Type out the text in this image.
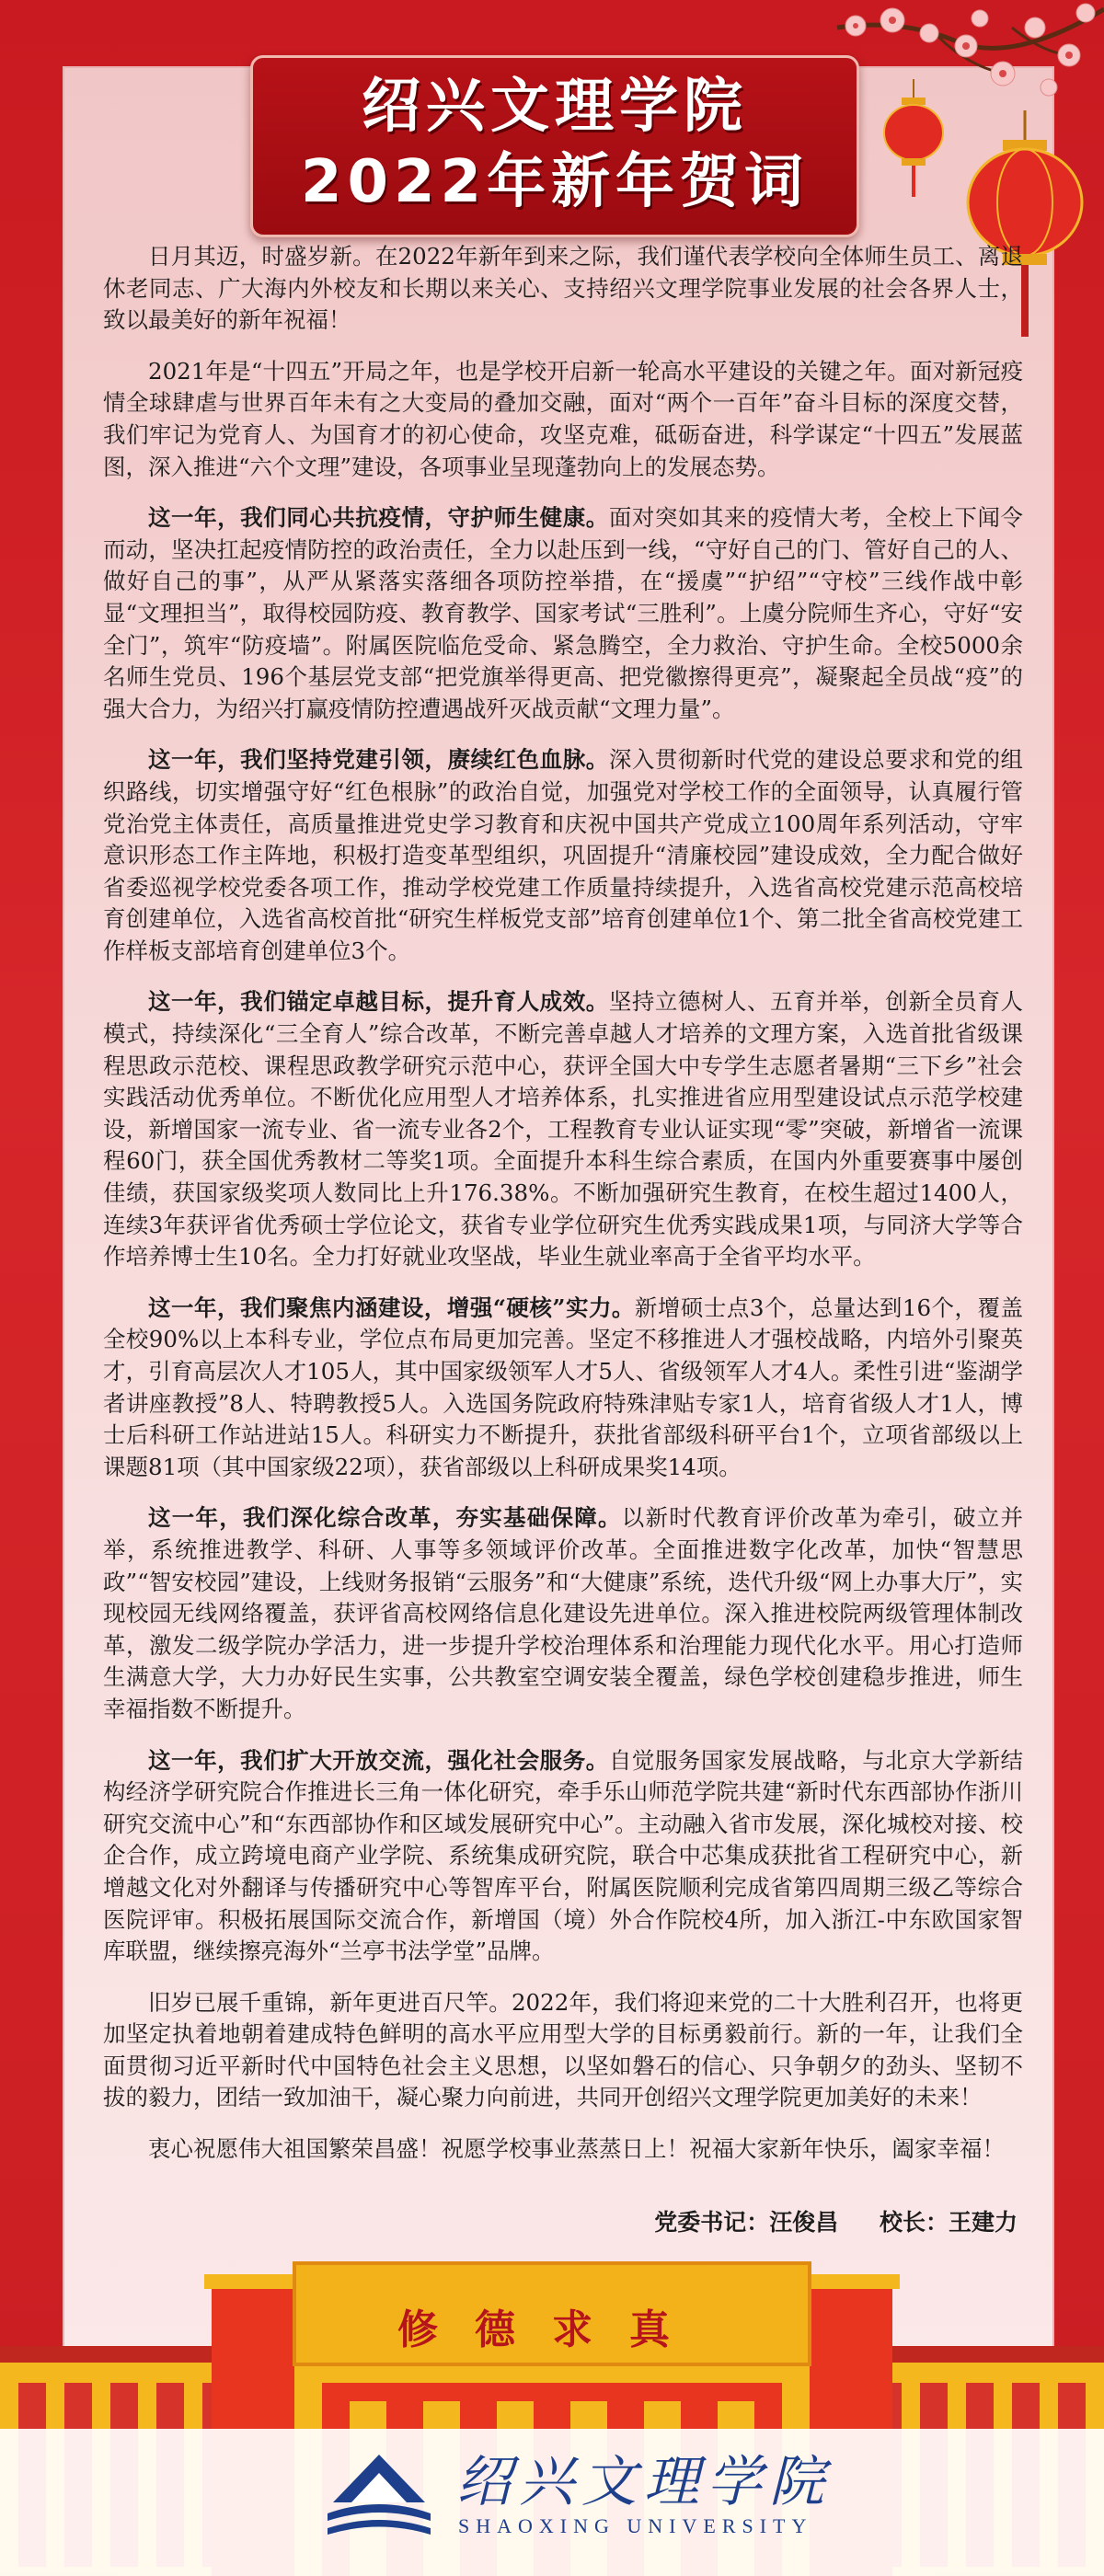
绍兴文理学院
2022年新年贺词

日月其迈，时盛岁新。在2022年新年到来之际，我们谨代表学校向全体师生员工、离退休老同志、广大海内外校友和长期以来关心、支持绍兴文理学院事业发展的社会各界人士，致以最美好的新年祝福！

2021年是“十四五”开局之年，也是学校开启新一轮高水平建设的关键之年。面对新冠疫情全球肆虐与世界百年未有之大变局的叠加交融，面对“两个一百年”奋斗目标的深度交替，我们牢记为党育人、为国育才的初心使命，攻坚克难，砥砺奋进，科学谋定“十四五”发展蓝图，深入推进“六个文理”建设，各项事业呈现蓬勃向上的发展态势。

这一年，我们同心共抗疫情，守护师生健康。面对突如其来的疫情大考，全校上下闻令而动，坚决扛起疫情防控的政治责任，全力以赴压到一线，“守好自己的门、管好自己的人、做好自己的事”，从严从紧落实落细各项防控举措，在“援虞”“护绍”“守校”三线作战中彰显“文理担当”，取得校园防疫、教育教学、国家考试“三胜利”。上虞分院师生齐心，守好“安全门”，筑牢“防疫墙”。附属医院临危受命、紧急腾空，全力救治、守护生命。全校5000余名师生党员、196个基层党支部“把党旗举得更高、把党徽擦得更亮”，凝聚起全员战“疫”的强大合力，为绍兴打赢疫情防控遭遇战歼灭战贡献“文理力量”。

这一年，我们坚持党建引领，赓续红色血脉。深入贯彻新时代党的建设总要求和党的组织路线，切实增强守好“红色根脉”的政治自觉，加强党对学校工作的全面领导，认真履行管党治党主体责任，高质量推进党史学习教育和庆祝中国共产党成立100周年系列活动，守牢意识形态工作主阵地，积极打造变革型组织，巩固提升“清廉校园”建设成效，全力配合做好省委巡视学校党委各项工作，推动学校党建工作质量持续提升，入选省高校党建示范高校培育创建单位，入选省高校首批“研究生样板党支部”培育创建单位1个、第二批全省高校党建工作样板支部培育创建单位3个。

这一年，我们锚定卓越目标，提升育人成效。坚持立德树人、五育并举，创新全员育人模式，持续深化“三全育人”综合改革，不断完善卓越人才培养的文理方案，入选首批省级课程思政示范校、课程思政教学研究示范中心，获评全国大中专学生志愿者暑期“三下乡”社会实践活动优秀单位。不断优化应用型人才培养体系，扎实推进省应用型建设试点示范学校建设，新增国家一流专业、省一流专业各2个，工程教育专业认证实现“零”突破，新增省一流课程60门，获全国优秀教材二等奖1项。全面提升本科生综合素质，在国内外重要赛事中屡创佳绩，获国家级奖项人数同比上升176.38%。不断加强研究生教育，在校生超过1400人，连续3年获评省优秀硕士学位论文，获省专业学位研究生优秀实践成果1项，与同济大学等合作培养博士生10名。全力打好就业攻坚战，毕业生就业率高于全省平均水平。

这一年，我们聚焦内涵建设，增强“硬核”实力。新增硕士点3个，总量达到16个，覆盖全校90%以上本科专业，学位点布局更加完善。坚定不移推进人才强校战略，内培外引聚英才，引育高层次人才105人，其中国家级领军人才5人、省级领军人才4人。柔性引进“鉴湖学者讲座教授”8人、特聘教授5人。入选国务院政府特殊津贴专家1人，培育省级人才1人，博士后科研工作站进站15人。科研实力不断提升，获批省部级科研平台1个，立项省部级以上课题81项（其中国家级22项），获省部级以上科研成果奖14项。

这一年，我们深化综合改革，夯实基础保障。以新时代教育评价改革为牵引，破立并举，系统推进教学、科研、人事等多领域评价改革。全面推进数字化改革，加快“智慧思政”“智安校园”建设，上线财务报销“云服务”和“大健康”系统，迭代升级“网上办事大厅”，实现校园无线网络覆盖，获评省高校网络信息化建设先进单位。深入推进校院两级管理体制改革，激发二级学院办学活力，进一步提升学校治理体系和治理能力现代化水平。用心打造师生满意大学，大力办好民生实事，公共教室空调安装全覆盖，绿色学校创建稳步推进，师生幸福指数不断提升。

这一年，我们扩大开放交流，强化社会服务。自觉服务国家发展战略，与北京大学新结构经济学研究院合作推进长三角一体化研究，牵手乐山师范学院共建“新时代东西部协作浙川研究交流中心”和“东西部协作和区域发展研究中心”。主动融入省市发展，深化城校对接、校企合作，成立跨境电商产业学院、系统集成研究院，联合中芯集成获批省工程研究中心，新增越文化对外翻译与传播研究中心等智库平台，附属医院顺利完成省第四周期三级乙等综合医院评审。积极拓展国际交流合作，新增国（境）外合作院校4所，加入浙江-中东欧国家智库联盟，继续擦亮海外“兰亭书法学堂”品牌。

旧岁已展千重锦，新年更进百尺竿。2022年，我们将迎来党的二十大胜利召开，也将更加坚定执着地朝着建成特色鲜明的高水平应用型大学的目标勇毅前行。新的一年，让我们全面贯彻习近平新时代中国特色社会主义思想，以坚如磐石的信心、只争朝夕的劲头、坚韧不拔的毅力，团结一致加油干，凝心聚力向前进，共同开创绍兴文理学院更加美好的未来！

衷心祝愿伟大祖国繁荣昌盛！祝愿学校事业蒸蒸日上！祝福大家新年快乐，阖家幸福！

党委书记：汪俊昌 校长：王建力
修德求真
绍兴文理学院
SHAOXING UNIVERSITY
